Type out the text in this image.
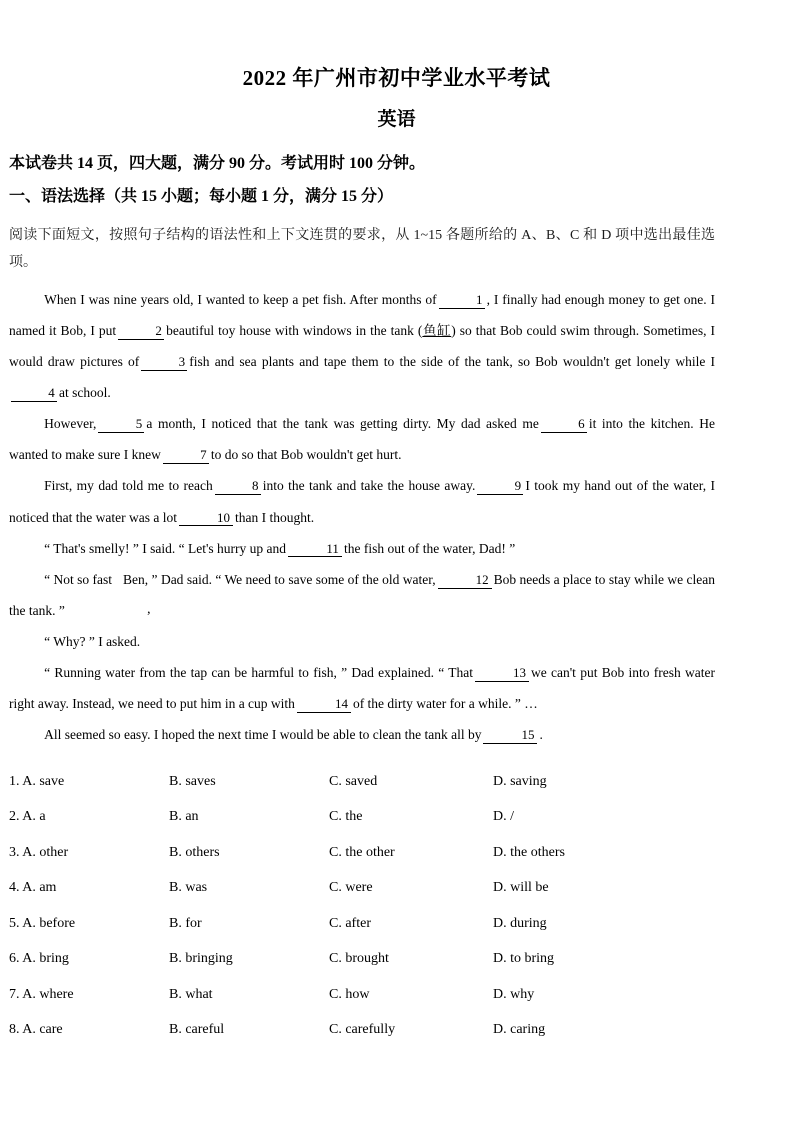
2022 年广州市初中学业水平考试
英语

本试卷共 14 页，四大题，满分 90 分。考试用时 100 分钟。

一、语法选择（共 15 小题；每小题 1 分，满分 15 分）

阅读下面短文，按照句子结构的语法性和上下文连贯的要求，从 1~15 各题所给的 A、B、C 和 D 项中选出最佳选项。

When I was nine years old, I wanted to keep a pet fish. After months of	1 , I finally had enough money to get one. I named it Bob, I put	2 beautiful toy house with windows in the tank (鱼缸) so that Bob could swim through. Sometimes, I would draw pictures of	3 fish and sea plants and tape them to the side of the tank, so Bob wouldn't get lonely while I4 at school.

However,	5 a month, I noticed that the tank was getting dirty. My dad asked me	6 it into the kitchen. He wanted to make sure I knew	7 to do so that Bob wouldn't get hurt.

First, my dad told me to reach	8 into the tank and take the house away.	9 I took my hand out of the water, I noticed that the water was a lot	10 than I thought.

“ That's smelly! ” I said. “ Let's hurry up and	11 the fish out of the water, Dad! ”

“ Not so fast
,
Ben, ” Dad said. “ We need to save some of the old water,	12 Bob needs a place to stay while we clean the tank. ”

“ Why? ” I asked.

“ Running water from the tap can be harmful to fish, ” Dad explained. “ That	13 we can't put Bob into fresh water right away. Instead, we need to put him in a cup with	14 of the dirty water for a while. ” …

All seemed so easy. I hoped the next time I would be able to clean the tank all by	15 .

1. A. save	B. saves	C. saved	D. saving
2. A. a	B. an	C. the	D. /
3. A. other	B. others	C. the other	D. the others
4. A. am	B. was	C. were	D. will be
5. A. before	B. for	C. after	D. during
6. A. bring	B. bringing	C. brought	D. to bring
7. A. where	B. what	C. how	D. why
8. A. care	B. careful	C. carefully	D. caring
